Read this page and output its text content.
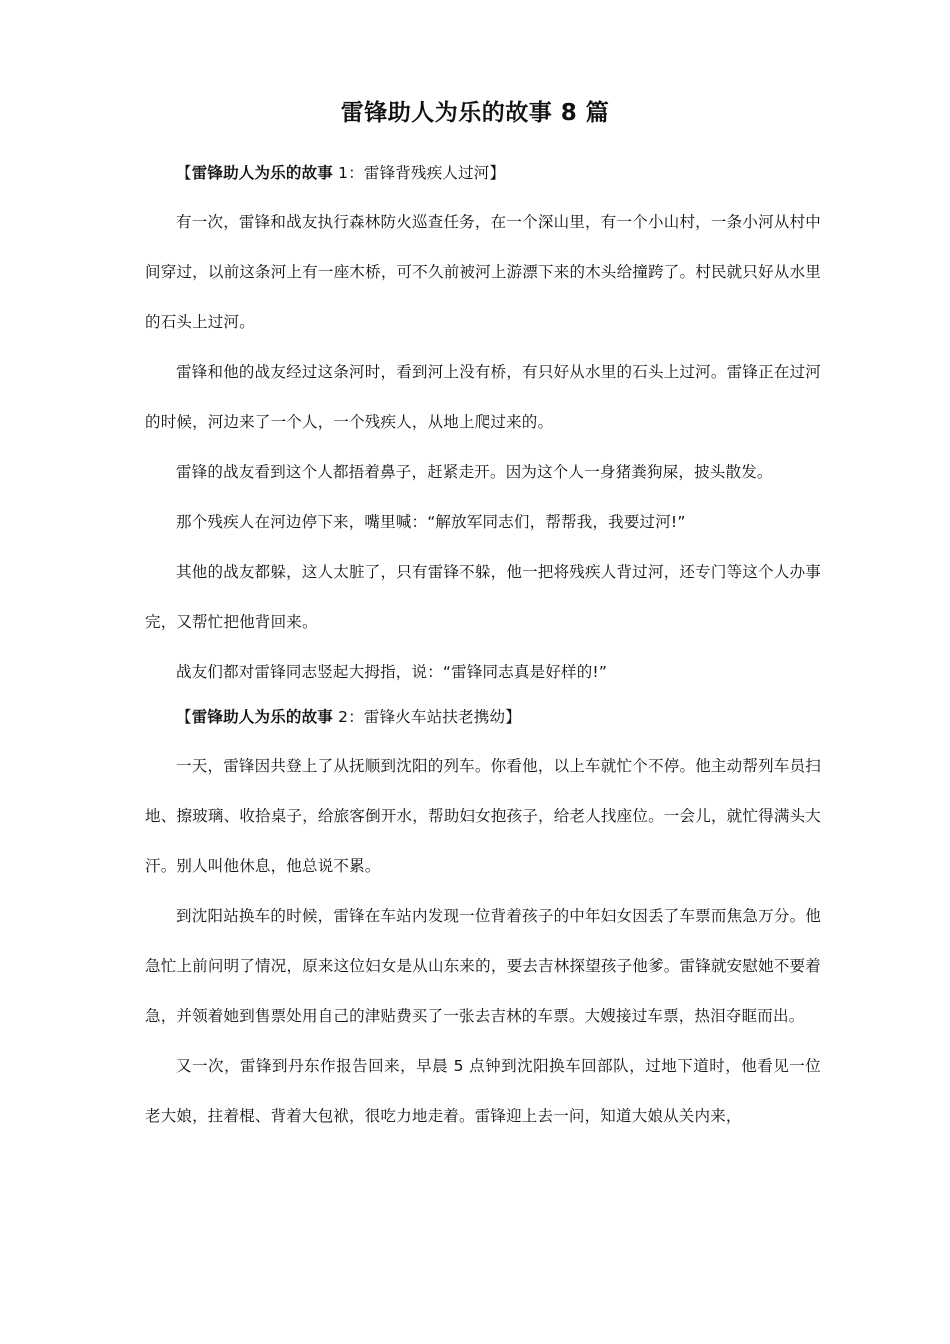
雷锋助人为乐的故事 8 篇
【雷锋助人为乐的故事 1：雷锋背残疾人过河】

有一次，雷锋和战友执行森林防火巡查任务，在一个深山里，有一个小山村，一条小河从村中间穿过，以前这条河上有一座木桥，可不久前被河上游漂下来的木头给撞跨了。村民就只好从水里的石头上过河。

雷锋和他的战友经过这条河时，看到河上没有桥，有只好从水里的石头上过河。雷锋正在过河的时候，河边来了一个人，一个残疾人，从地上爬过来的。

雷锋的战友看到这个人都捂着鼻子，赶紧走开。因为这个人一身猪粪狗屎，披头散发。

那个残疾人在河边停下来，嘴里喊：“解放军同志们，帮帮我，我要过河!”

其他的战友都躲，这人太脏了，只有雷锋不躲，他一把将残疾人背过河，还专门等这个人办事完，又帮忙把他背回来。

战友们都对雷锋同志竖起大拇指，说：“雷锋同志真是好样的!”

【雷锋助人为乐的故事 2：雷锋火车站扶老携幼】

一天，雷锋因共登上了从抚顺到沈阳的列车。你看他，以上车就忙个不停。他主动帮列车员扫地、擦玻璃、收拾桌子，给旅客倒开水，帮助妇女抱孩子，给老人找座位。一会儿，就忙得满头大汗。别人叫他休息，他总说不累。

到沈阳站换车的时候，雷锋在车站内发现一位背着孩子的中年妇女因丢了车票而焦急万分。他急忙上前问明了情况，原来这位妇女是从山东来的，要去吉林探望孩子他爹。雷锋就安慰她不要着急，并领着她到售票处用自己的津贴费买了一张去吉林的车票。大嫂接过车票，热泪夺眶而出。

又一次，雷锋到丹东作报告回来，早晨 5 点钟到沈阳换车回部队，过地下道时，他看见一位老大娘，拄着棍、背着大包袱，很吃力地走着。雷锋迎上去一问，知道大娘从关内来，
